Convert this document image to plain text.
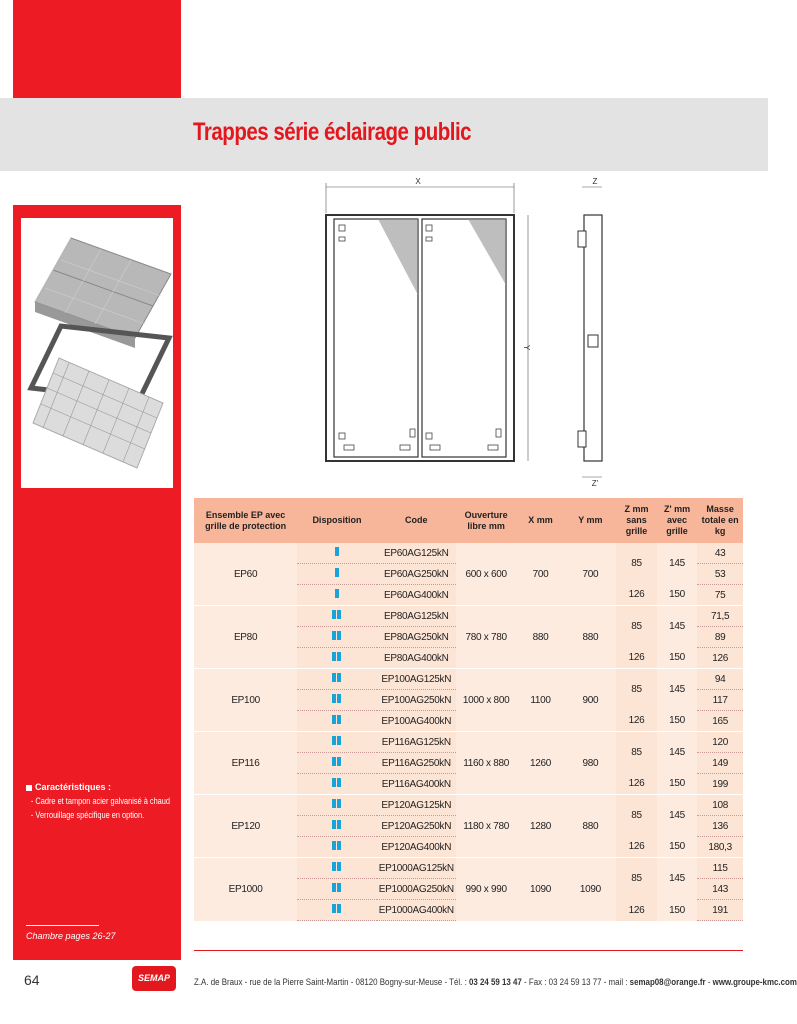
Trappes série éclairage public
Caractéristiques :
- Cadre et tampon acier galvanisé à chaud
- Verrouillage spécifique en option.
Chambre pages 26-27
X
Y
Z
Z'
Ensemble EP avec grille de protection	Disposition	Code	Ouverture libre mm	X mm	Y mm	Z mm sans grille	Z' mm avec grille	Masse totale en kg
EP60		EP60AG125kN	600 x 600	700	700	85	145	43
		EP60AG250kN						53
		EP60AG400kN				126	150	75
EP80		EP80AG125kN	780 x 780	880	880	85	145	71,5
		EP80AG250kN						89
		EP80AG400kN				126	150	126
EP100		EP100AG125kN	1000 x 800	1100	900	85	145	94
		EP100AG250kN						117
		EP100AG400kN				126	150	165
EP116		EP116AG125kN	1160 x 880	1260	980	85	145	120
		EP116AG250kN						149
		EP116AG400kN				126	150	199
EP120		EP120AG125kN	1180 x 780	1280	880	85	145	108
		EP120AG250kN						136
		EP120AG400kN				126	150	180,3
EP1000		EP1000AG125kN	990 x 990	1090	1090	85	145	115
		EP1000AG250kN						143
		EP1000AG400kN				126	150	191
64	SEMAP	Z.A. de Braux - rue de la Pierre Saint-Martin - 08120 Bogny-sur-Meuse - Tél. : 03 24 59 13 47 - Fax : 03 24 59 13 77 - mail : semap08@orange.fr - www.groupe-kmc.com
